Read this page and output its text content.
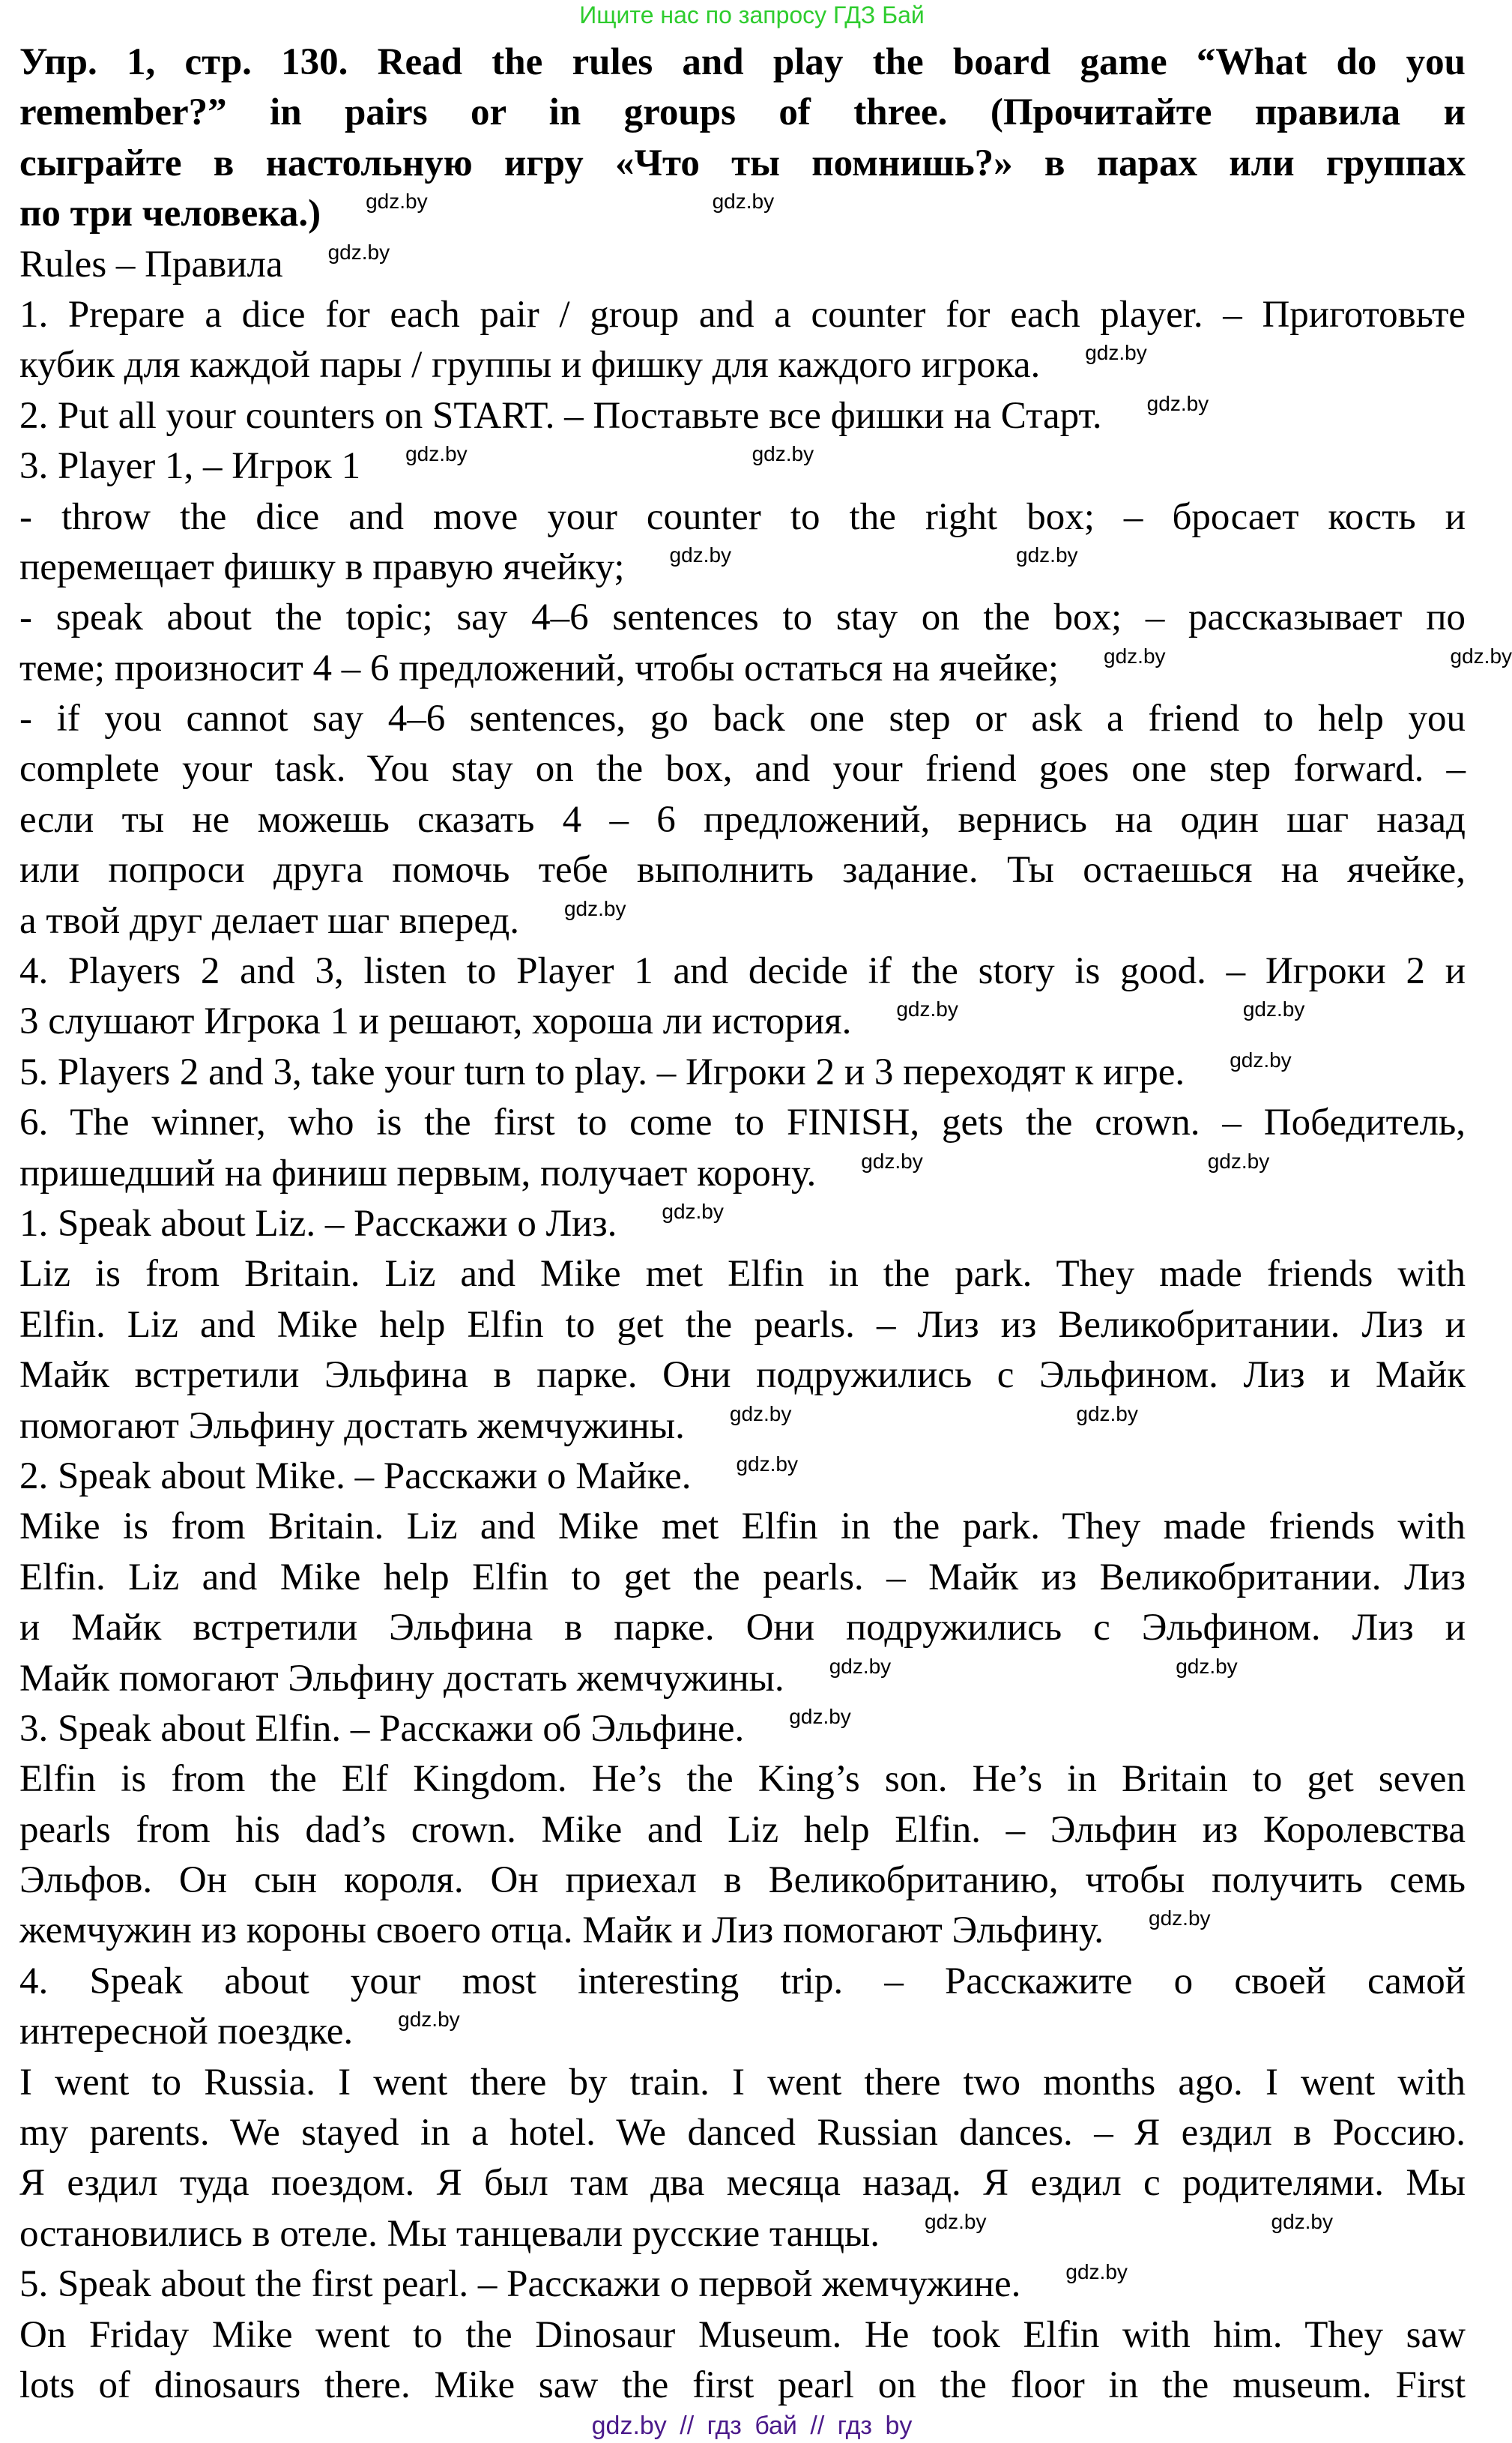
Ищите нас по запросу ГДЗ Бай
Упр. 1, стр. 130. Read the rules and play the board game “What do you
remember?” in pairs or in groups of three. (Прочитайте правила и
сыграйте в настольную игру «Что ты помнишь?» в парах или группах
по три человека.) gdz.by	gdz.by
Rules – Правила gdz.by
1. Prepare a dice for each pair / group and a counter for each player. – Приготовьте
кубик для каждой пары / группы и фишку для каждого игрока. gdz.by
2. Put all your counters on START. – Поставьте все фишки на Старт. gdz.by
3. Player 1, – Игрок 1 gdz.by	gdz.by
- throw the dice and move your counter to the right box; – бросает кость и
перемещает фишку в правую ячейку; gdz.by	gdz.by
- speak about the topic; say 4–6 sentences to stay on the box; – рассказывает по
теме; произносит 4 – 6 предложений, чтобы остаться на ячейке; gdz.by	gdz.by
- if you cannot say 4–6 sentences, go back one step or ask a friend to help you
complete your task. You stay on the box, and your friend goes one step forward. –
если ты не можешь сказать 4 – 6 предложений, вернись на один шаг назад
или попроси друга помочь тебе выполнить задание. Ты остаешься на ячейке,
а твой друг делает шаг вперед. gdz.by
4. Players 2 and 3, listen to Player 1 and decide if the story is good. – Игроки 2 и
3 слушают Игрока 1 и решают, хороша ли история. gdz.by	gdz.by
5. Players 2 and 3, take your turn to play. – Игроки 2 и 3 переходят к игре. gdz.by
6. The winner, who is the first to come to FINISH, gets the crown. – Победитель,
пришедший на финиш первым, получает корону. gdz.by	gdz.by
1. Speak about Liz. – Расскажи о Лиз. gdz.by
Liz is from Britain. Liz and Mike met Elfin in the park. They made friends with
Elfin. Liz and Mike help Elfin to get the pearls. – Лиз из Великобритании. Лиз и
Майк встретили Эльфина в парке. Они подружились с Эльфином. Лиз и Майк
помогают Эльфину достать жемчужины. gdz.by	gdz.by
2. Speak about Mike. – Расскажи о Майке. gdz.by
Mike is from Britain. Liz and Mike met Elfin in the park. They made friends with
Elfin. Liz and Mike help Elfin to get the pearls. – Майк из Великобритании. Лиз
и Майк встретили Эльфина в парке. Они подружились с Эльфином. Лиз и
Майк помогают Эльфину достать жемчужины. gdz.by	gdz.by
3. Speak about Elfin. – Расскажи об Эльфине. gdz.by
Elfin is from the Elf Kingdom. He’s the King’s son. He’s in Britain to get seven
pearls from his dad’s crown. Mike and Liz help Elfin. – Эльфин из Королевства
Эльфов. Он сын короля. Он приехал в Великобританию, чтобы получить семь
жемчужин из короны своего отца. Майк и Лиз помогают Эльфину. gdz.by
4. Speak about your most interesting trip. – Расскажите о своей самой
интересной поездке. gdz.by
I went to Russia. I went there by train. I went there two months ago. I went with
my parents. We stayed in a hotel. We danced Russian dances. – Я ездил в Россию.
Я ездил туда поездом. Я был там два месяца назад. Я ездил с родителями. Мы
остановились в отеле. Мы танцевали русские танцы. gdz.by	gdz.by
5. Speak about the first pearl. – Расскажи о первой жемчужине. gdz.by
On Friday Mike went to the Dinosaur Museum. He took Elfin with him. They saw
lots of dinosaurs there. Mike saw the first pearl on the floor in the museum. First
gdz.by // гдз бай // гдз by
